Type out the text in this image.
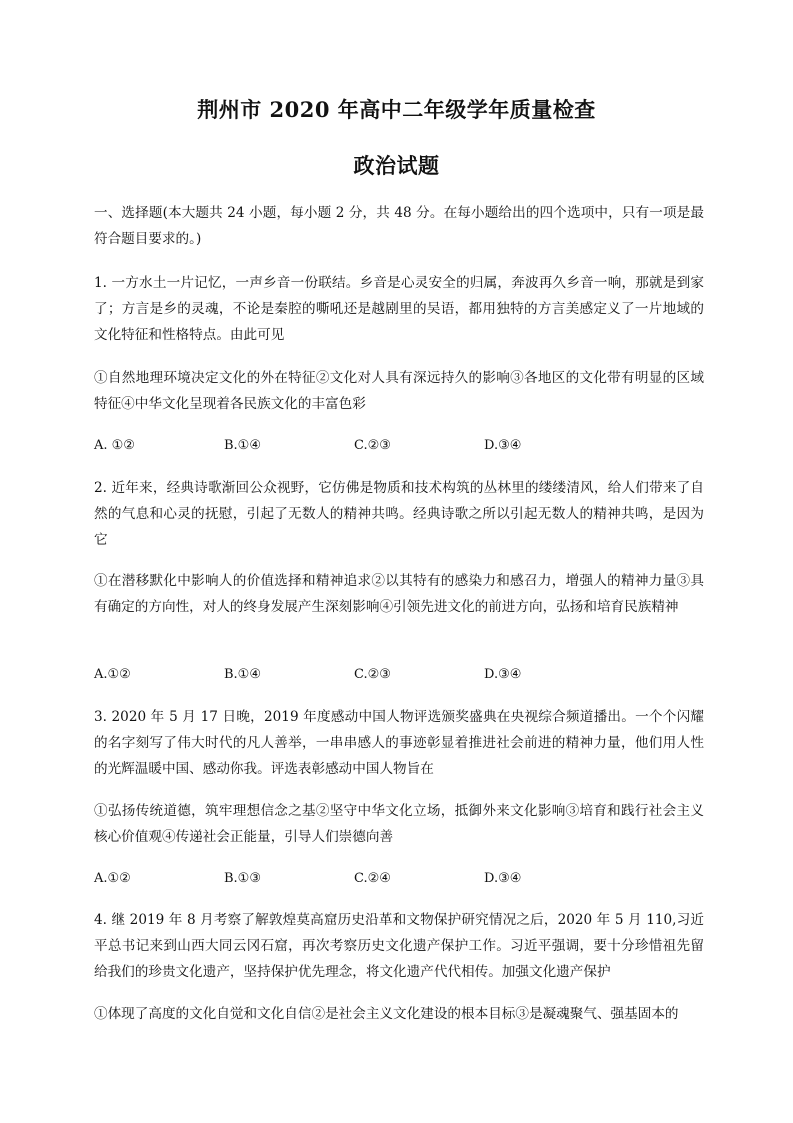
荆州市 2020 年高中二年级学年质量检查
政治试题

一、选择题(本大题共 24 小题，每小题 2 分，共 48 分。在每小题给出的四个选项中，只有一项是最符合题目要求的。)

1. 一方水土一片记忆，一声乡音一份联结。乡音是心灵安全的归属，奔波再久乡音一响，那就是到家了；方言是乡的灵魂，不论是秦腔的嘶吼还是越剧里的吴语，都用独特的方言美感定义了一片地域的文化特征和性格特点。由此可见

①自然地理环境决定文化的外在特征②文化对人具有深远持久的影响③各地区的文化带有明显的区域特征④中华文化呈现着各民族文化的丰富色彩

A. ①②	B.①④	C.②③	D.③④

2. 近年来，经典诗歌渐回公众视野，它仿佛是物质和技术构筑的丛林里的缕缕清风，给人们带来了自然的气息和心灵的抚慰，引起了无数人的精神共鸣。经典诗歌之所以引起无数人的精神共鸣，是因为它

①在潜移默化中影响人的价值选择和精神追求②以其特有的感染力和感召力，增强人的精神力量③具有确定的方向性，对人的终身发展产生深刻影响④引领先进文化的前进方向，弘扬和培育民族精神

A.①②	B.①④	C.②③	D.③④

3. 2020 年 5 月 17 日晚，2019 年度感动中国人物评选颁奖盛典在央视综合频道播出。一个个闪耀的名字刻写了伟大时代的凡人善举，一串串感人的事迹彰显着推进社会前进的精神力量，他们用人性的光辉温暖中国、感动你我。评选表彰感动中国人物旨在

①弘扬传统道德，筑牢理想信念之基②坚守中华文化立场，抵御外来文化影响③培育和践行社会主义核心价值观④传递社会正能量，引导人们崇德向善

A.①②	B.①③	C.②④	D.③④

4. 继 2019 年 8 月考察了解敦煌莫高窟历史沿革和文物保护研究情况之后，2020 年 5 月 110,习近平总书记来到山西大同云冈石窟，再次考察历史文化遗产保护工作。习近平强调，要十分珍惜祖先留给我们的珍贵文化遗产，坚持保护优先理念，将文化遗产代代相传。加强文化遗产保护

①体现了高度的文化自觉和文化自信②是社会主义文化建设的根本目标③是凝魂聚气、强基固本的
